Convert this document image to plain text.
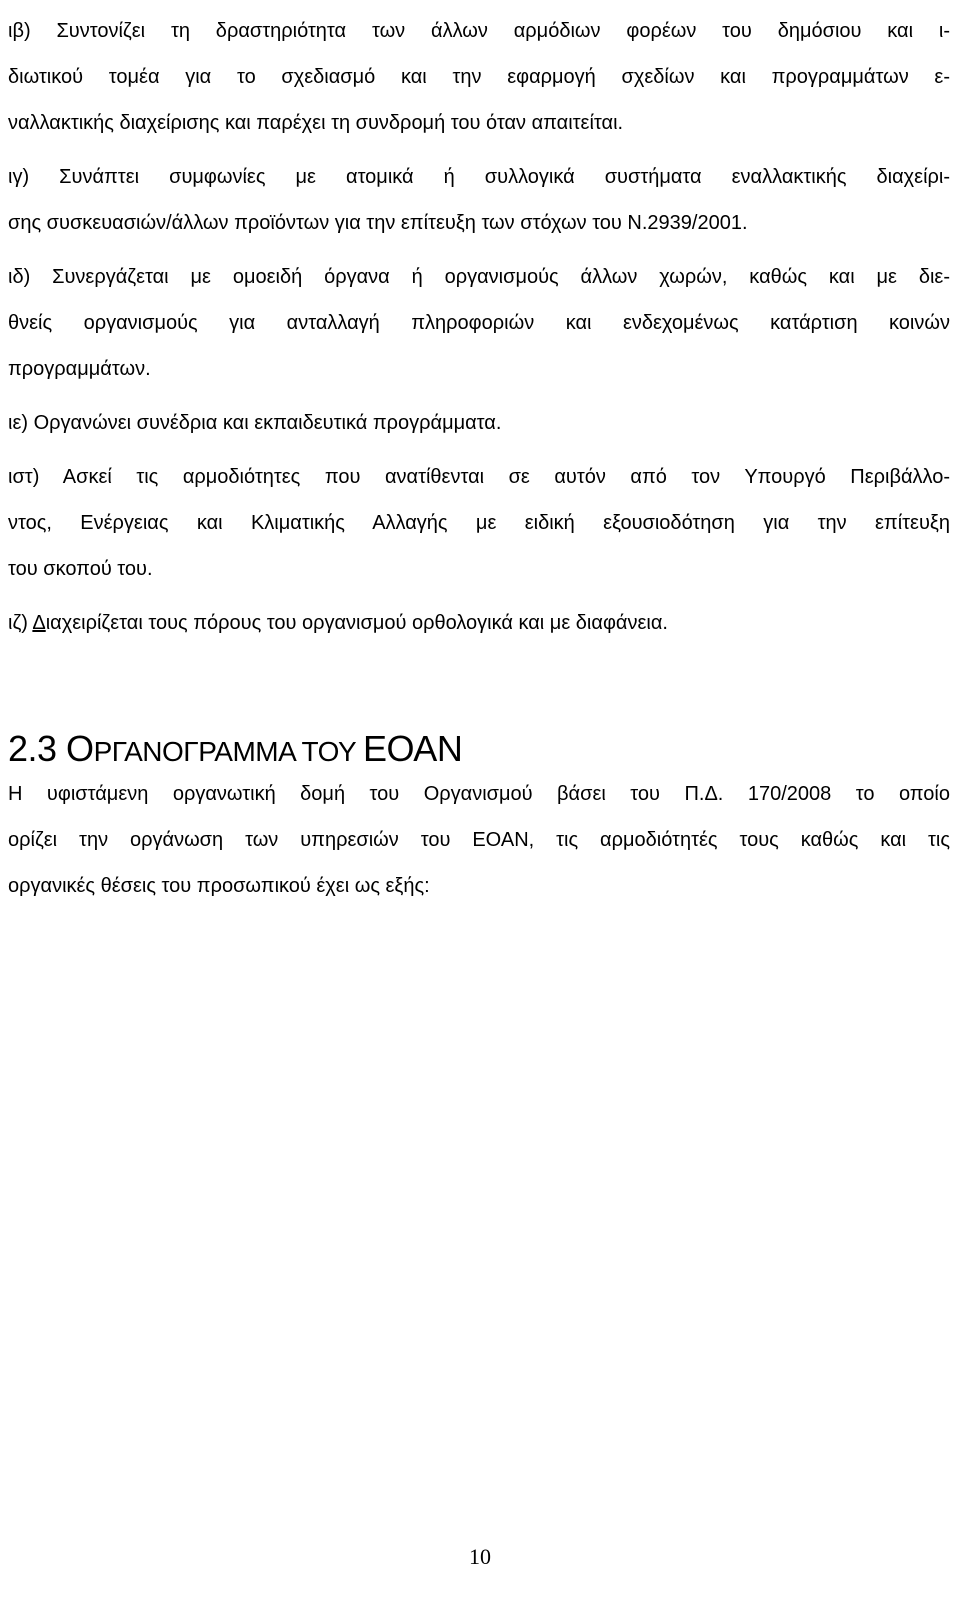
ιβ) Συντονίζει τη δραστηριότητα των άλλων αρμόδιων φορέων του δημόσιου και ι-
διωτικού τομέα για το σχεδιασμό και την εφαρμογή σχεδίων και προγραμμάτων ε-
ναλλακτικής διαχείρισης και παρέχει τη συνδρομή του όταν απαιτείται.

ιγ) Συνάπτει συμφωνίες με ατομικά ή συλλογικά συστήματα εναλλακτικής διαχείρι-
σης συσκευασιών/άλλων προϊόντων για την επίτευξη των στόχων του Ν.2939/2001.

ιδ) Συνεργάζεται με ομοειδή όργανα ή οργανισμούς άλλων χωρών, καθώς και με διε-
θνείς οργανισμούς για ανταλλαγή πληροφοριών και ενδεχομένως κατάρτιση κοινών
προγραμμάτων.

ιε) Οργανώνει συνέδρια και εκπαιδευτικά προγράμματα.

ιστ) Ασκεί τις αρμοδιότητες που ανατίθενται σε αυτόν από τον Υπουργό Περιβάλλο-
ντος, Ενέργειας και Κλιματικής Αλλαγής με ειδική εξουσιοδότηση για την επίτευξη
του σκοπού του.

ιζ) Διαχειρίζεται τους πόρους του οργανισμού ορθολογικά και με διαφάνεια.

2.3 ΟΡΓΑΝΟΓΡΑΜΜΑ ΤΟΥ ΕΟΑΝ
Η υφιστάμενη οργανωτική δομή του Οργανισμού βάσει του Π.Δ. 170/2008 το οποίο
ορίζει την οργάνωση των υπηρεσιών του ΕΟΑΝ, τις αρμοδιότητές τους καθώς και τις
οργανικές θέσεις του προσωπικού έχει ως εξής:
10
